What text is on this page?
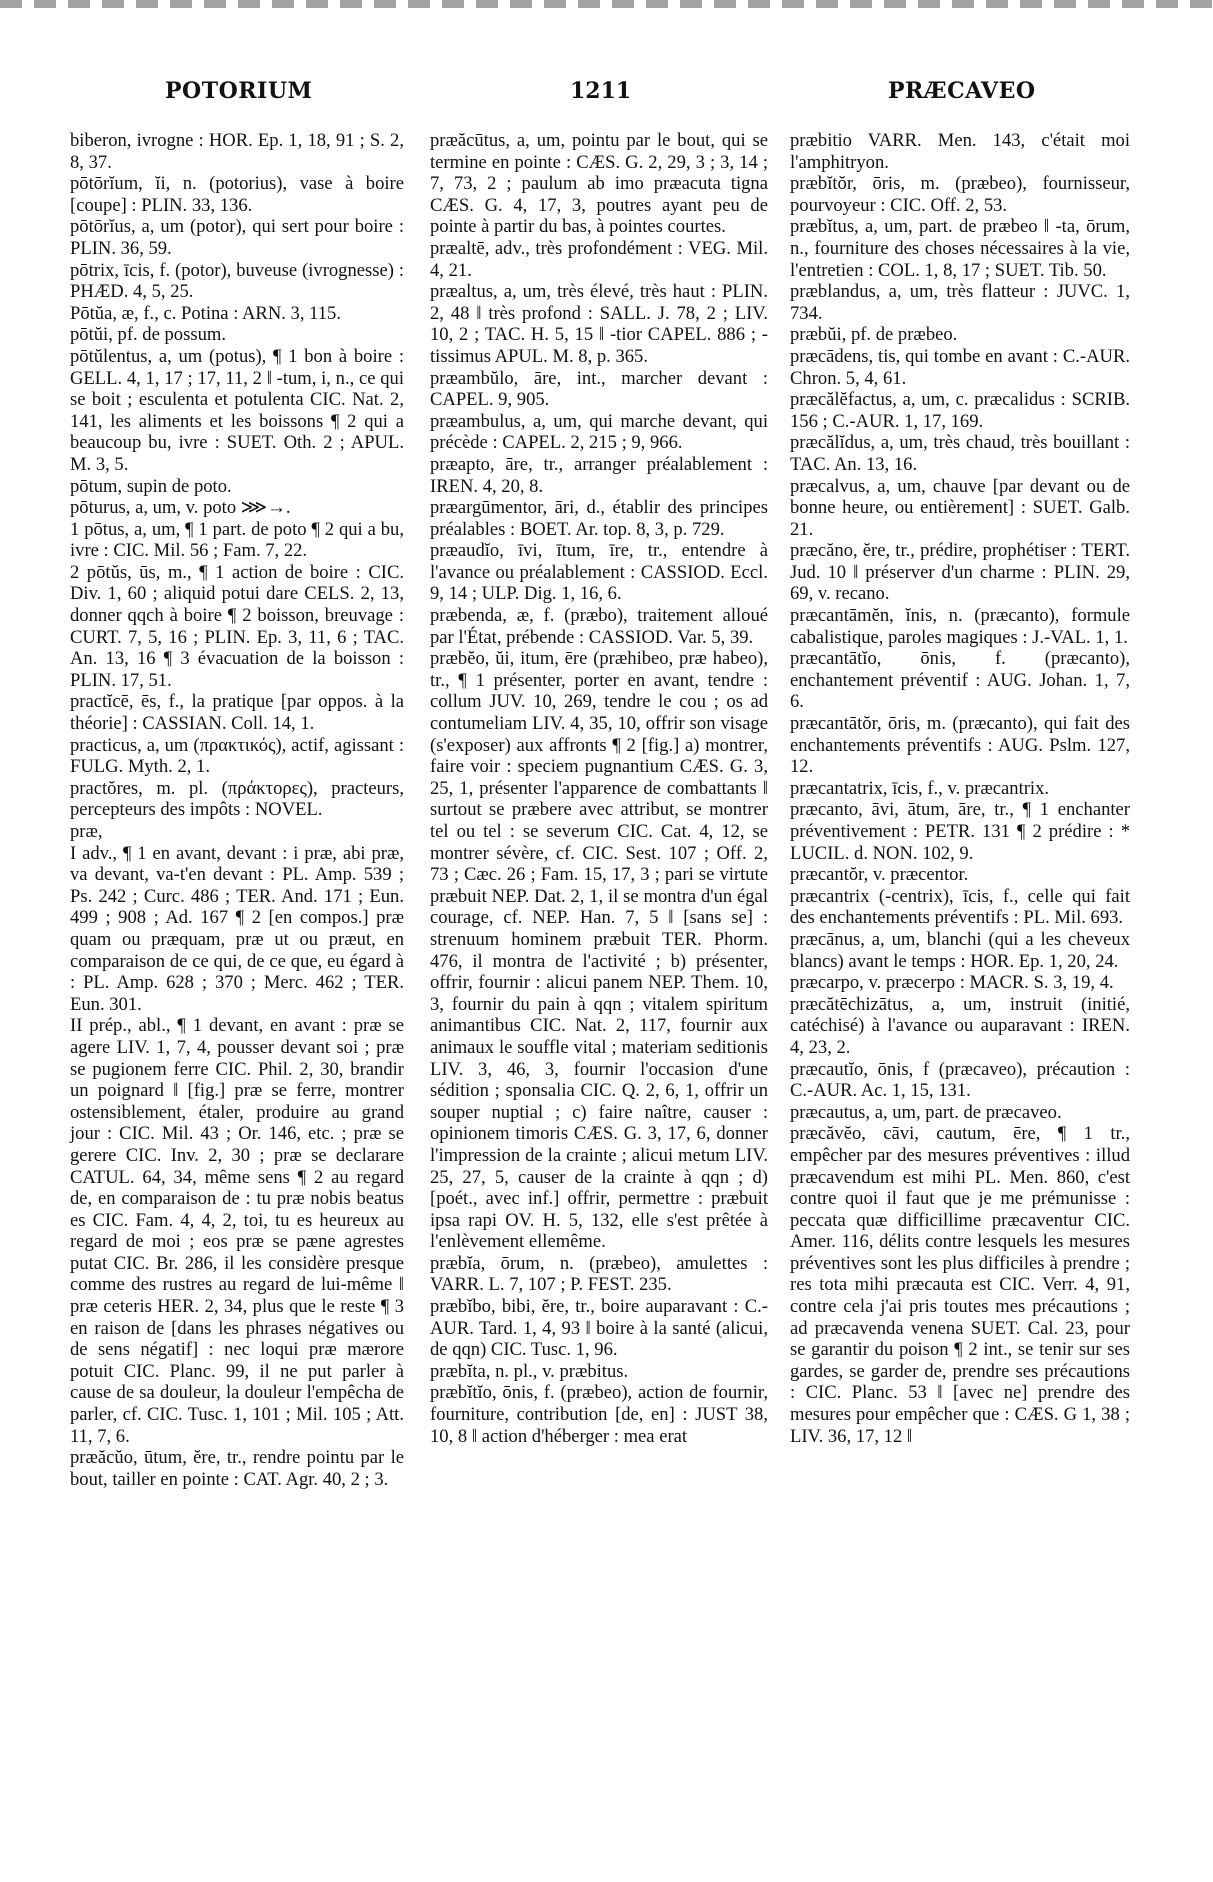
POTORIUM	1211	PRÆCAVEO

biberon, ivrogne : HOR. Ep. 1, 18, 91 ; S. 2, 8, 37.

pōtōrĭum, ĭi, n. (potorius), vase à boire [coupe] : PLIN. 33, 136.

pōtōrĭus, a, um (potor), qui sert pour boire : PLIN. 36, 59.

pōtrix, īcis, f. (potor), buveuse (ivrognesse) : PHÆD. 4, 5, 25.

Pōtŭa, æ, f., c. Potina : ARN. 3, 115.

pōtŭi, pf. de possum.

pōtŭlentus, a, um (potus), ¶ 1 bon à boire : GELL. 4, 1, 17 ; 17, 11, 2 ‖ -tum, i, n., ce qui se boit ; esculenta et potulenta CIC. Nat. 2, 141, les aliments et les boissons ¶ 2 qui a beaucoup bu, ivre : SUET. Oth. 2 ; APUL. M. 3, 5.

pōtum, supin de poto.

pōturus, a, um, v. poto ⋙→.

1 pōtus, a, um, ¶ 1 part. de poto ¶ 2 qui a bu, ivre : CIC. Mil. 56 ; Fam. 7, 22.

2 pōtŭs, ūs, m., ¶ 1 action de boire : CIC. Div. 1, 60 ; aliquid potui dare CELS. 2, 13, donner qqch à boire ¶ 2 boisson, breuvage : CURT. 7, 5, 16 ; PLIN. Ep. 3, 11, 6 ; TAC. An. 13, 16 ¶ 3 évacuation de la boisson : PLIN. 17, 51.

practĭcē, ēs, f., la pratique [par oppos. à la théorie] : CASSIAN. Coll. 14, 1.

practicus, a, um (πρακτικός), actif, agissant : FULG. Myth. 2, 1.

practŏres, m. pl. (πράκτορες), practeurs, percepteurs des impôts : NOVEL.

præ,

I adv., ¶ 1 en avant, devant : i præ, abi præ, va devant, va-t'en devant : PL. Amp. 539 ; Ps. 242 ; Curc. 486 ; TER. And. 171 ; Eun. 499 ; 908 ; Ad. 167 ¶ 2 [en compos.] præ quam ou præquam, præ ut ou præut, en comparaison de ce qui, de ce que, eu égard à : PL. Amp. 628 ; 370 ; Merc. 462 ; TER. Eun. 301.

II prép., abl., ¶ 1 devant, en avant : præ se agere LIV. 1, 7, 4, pousser devant soi ; præ se pugionem ferre CIC. Phil. 2, 30, brandir un poignard ‖ [fig.] præ se ferre, montrer ostensiblement, étaler, produire au grand jour : CIC. Mil. 43 ; Or. 146, etc. ; præ se gerere CIC. Inv. 2, 30 ; præ se declarare CATUL. 64, 34, même sens ¶ 2 au regard de, en comparaison de : tu præ nobis beatus es CIC. Fam. 4, 4, 2, toi, tu es heureux au regard de moi ; eos præ se pæne agrestes putat CIC. Br. 286, il les considère presque comme des rustres au regard de lui-même ‖ præ ceteris HER. 2, 34, plus que le reste ¶ 3 en raison de [dans les phrases négatives ou de sens négatif] : nec loqui præ mærore potuit CIC. Planc. 99, il ne put parler à cause de sa douleur, la douleur l'empêcha de parler, cf. CIC. Tusc. 1, 101 ; Mil. 105 ; Att. 11, 7, 6.

præăcŭo, ūtum, ĕre, tr., rendre pointu par le bout, tailler en pointe : CAT. Agr. 40, 2 ; 3.

præăcūtus, a, um, pointu par le bout, qui se termine en pointe : CÆS. G. 2, 29, 3 ; 3, 14 ; 7, 73, 2 ; paulum ab imo præacuta tigna CÆS. G. 4, 17, 3, poutres ayant peu de pointe à partir du bas, à pointes courtes.

præaltē, adv., très profondément : VEG. Mil. 4, 21.

præaltus, a, um, très élevé, très haut : PLIN. 2, 48 ‖ très profond : SALL. J. 78, 2 ; LIV. 10, 2 ; TAC. H. 5, 15 ‖ -tior CAPEL. 886 ; -tissimus APUL. M. 8, p. 365.

præambŭlo, āre, int., marcher devant : CAPEL. 9, 905.

præambulus, a, um, qui marche devant, qui précède : CAPEL. 2, 215 ; 9, 966.

præapto, āre, tr., arranger préalablement : IREN. 4, 20, 8.

præargūmentor, āri, d., établir des principes préalables : BOET. Ar. top. 8, 3, p. 729.

præaudĭo, īvi, ītum, īre, tr., entendre à l'avance ou préalablement : CASSIOD. Eccl. 9, 14 ; ULP. Dig. 1, 16, 6.

præbenda, æ, f. (præbo), traitement alloué par l'État, prébende : CASSIOD. Var. 5, 39.

præbĕo, ŭi, itum, ēre (præhibeo, præ habeo), tr., ¶ 1 présenter, porter en avant, tendre : collum JUV. 10, 269, tendre le cou ; os ad contumeliam LIV. 4, 35, 10, offrir son visage (s'exposer) aux affronts ¶ 2 [fig.] a) montrer, faire voir : speciem pugnantium CÆS. G. 3, 25, 1, présenter l'apparence de combattants ‖ surtout se præbere avec attribut, se montrer tel ou tel : se severum CIC. Cat. 4, 12, se montrer sévère, cf. CIC. Sest. 107 ; Off. 2, 73 ; Cæc. 26 ; Fam. 15, 17, 3 ; pari se virtute præbuit NEP. Dat. 2, 1, il se montra d'un égal courage, cf. NEP. Han. 7, 5 ‖ [sans se] : strenuum hominem præbuit TER. Phorm. 476, il montra de l'activité ; b) présenter, offrir, fournir : alicui panem NEP. Them. 10, 3, fournir du pain à qqn ; vitalem spiritum animantibus CIC. Nat. 2, 117, fournir aux animaux le souffle vital ; materiam seditionis LIV. 3, 46, 3, fournir l'occasion d'une sédition ; sponsalia CIC. Q. 2, 6, 1, offrir un souper nuptial ; c) faire naître, causer : opinionem timoris CÆS. G. 3, 17, 6, donner l'impression de la crainte ; alicui metum LIV. 25, 27, 5, causer de la crainte à qqn ; d) [poét., avec inf.] offrir, permettre : præbuit ipsa rapi OV. H. 5, 132, elle s'est prêtée à l'enlèvement ellemême.

præbĭa, ōrum, n. (præbeo), amulettes : VARR. L. 7, 107 ; P. FEST. 235.

præbĭbo, bibi, ĕre, tr., boire auparavant : C.-AUR. Tard. 1, 4, 93 ‖ boire à la santé (alicui, de qqn) CIC. Tusc. 1, 96.

præbĭta, n. pl., v. præbitus.

præbĭtĭo, ōnis, f. (præbeo), action de fournir, fourniture, contribution [de, en] : JUST 38, 10, 8 ‖ action d'héberger : mea erat

præbitio VARR. Men. 143, c'était moi l'amphitryon.

præbĭtŏr, ōris, m. (præbeo), fournisseur, pourvoyeur : CIC. Off. 2, 53.

præbĭtus, a, um, part. de præbeo ‖ -ta, ōrum, n., fourniture des choses nécessaires à la vie, l'entretien : COL. 1, 8, 17 ; SUET. Tib. 50.

præblandus, a, um, très flatteur : JUVC. 1, 734.

præbŭi, pf. de præbeo.

præcādens, tis, qui tombe en avant : C.-AUR. Chron. 5, 4, 61.

præcălĕfactus, a, um, c. præcalidus : SCRIB. 156 ; C.-AUR. 1, 17, 169.

præcălĭdus, a, um, très chaud, très bouillant : TAC. An. 13, 16.

præcalvus, a, um, chauve [par devant ou de bonne heure, ou entièrement] : SUET. Galb. 21.

præcăno, ĕre, tr., prédire, prophétiser : TERT. Jud. 10 ‖ préserver d'un charme : PLIN. 29, 69, v. recano.

præcantāmĕn, ĭnis, n. (præcanto), formule cabalistique, paroles magiques : J.-VAL. 1, 1.

præcantātĭo, ōnis, f. (præcanto), enchantement préventif : AUG. Johan. 1, 7, 6.

præcantātŏr, ōris, m. (præcanto), qui fait des enchantements préventifs : AUG. Pslm. 127, 12.

præcantatrix, īcis, f., v. præcantrix.

præcanto, āvi, ātum, āre, tr., ¶ 1 enchanter préventivement : PETR. 131 ¶ 2 prédire : * LUCIL. d. NON. 102, 9.

præcantŏr, v. præcentor.

præcantrix (-centrix), īcis, f., celle qui fait des enchantements préventifs : PL. Mil. 693.

præcānus, a, um, blanchi (qui a les cheveux blancs) avant le temps : HOR. Ep. 1, 20, 24.

præcarpo, v. præcerpo : MACR. S. 3, 19, 4.

præcătēchizātus, a, um, instruit (initié, catéchisé) à l'avance ou auparavant : IREN. 4, 23, 2.

præcautĭo, ōnis, f (præcaveo), précaution : C.-AUR. Ac. 1, 15, 131.

præcautus, a, um, part. de præcaveo.

præcăvĕo, cāvi, cautum, ēre, ¶ 1 tr., empêcher par des mesures préventives : illud præcavendum est mihi PL. Men. 860, c'est contre quoi il faut que je me prémunisse : peccata quæ difficillime præcaventur CIC. Amer. 116, délits contre lesquels les mesures préventives sont les plus difficiles à prendre ; res tota mihi præcauta est CIC. Verr. 4, 91, contre cela j'ai pris toutes mes précautions ; ad præcavenda venena SUET. Cal. 23, pour se garantir du poison ¶ 2 int., se tenir sur ses gardes, se garder de, prendre ses précautions : CIC. Planc. 53 ‖ [avec ne] prendre des mesures pour empêcher que : CÆS. G 1, 38 ; LIV. 36, 17, 12 ‖
